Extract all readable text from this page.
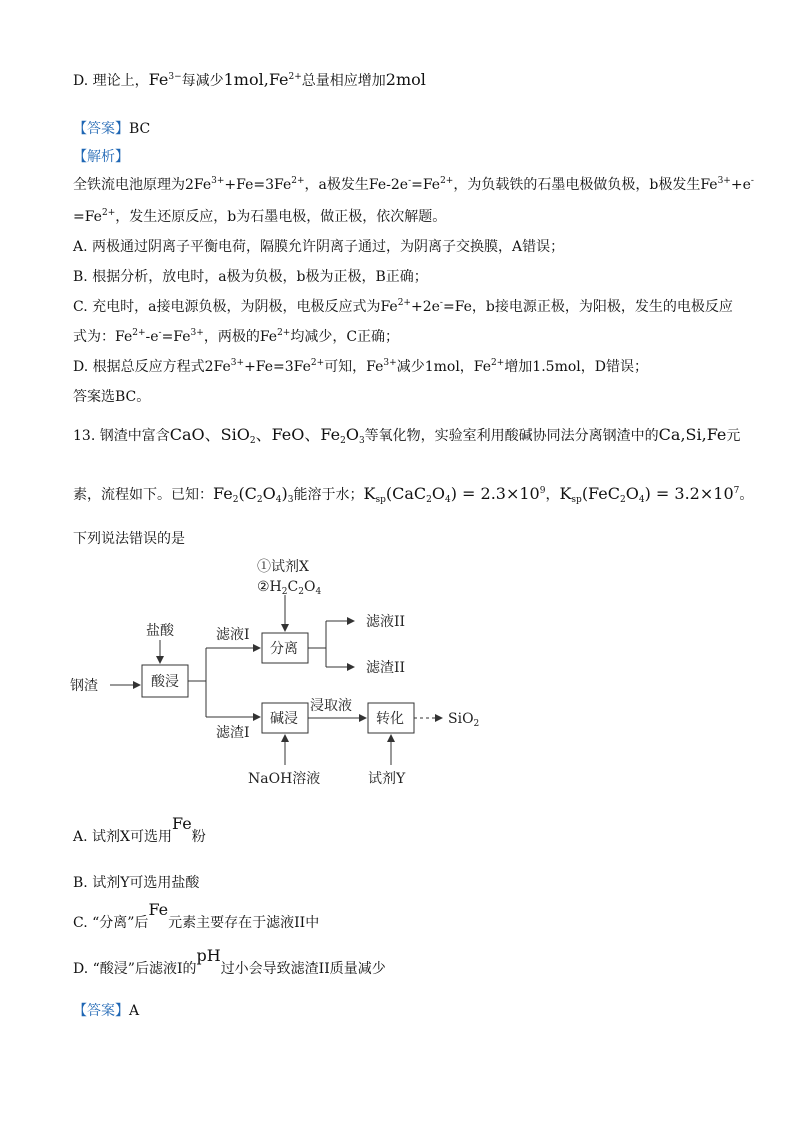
D. 理论上，$Fe^{3-}$每减少$1mol,Fe^{2+}$总量相应增加2mol
【答案】BC
【解析】
全铁流电池原理为$2Fe^{3+}+Fe=3Fe^{2+}$，a极发生$Fe-2e^-=Fe^{2+}$，为负载铁的石墨电极做负极，b极发生$Fe^{3+}+e^-$
$=Fe^{2+}$，发生还原反应，b为石墨电极，做正极，依次解题。
A. 两极通过阴离子平衡电荷，隔膜允许阴离子通过，为阴离子交换膜，A错误；
B. 根据分析，放电时，a极为负极，b极为正极，B正确；
C. 充电时，a接电源负极，为阴极，电极反应式为$Fe^{2+}+2e^-=Fe$，b接电源正极，为阳极，发生的电极反应
式为：$Fe^{2+}-e^-=Fe^{3+}$，两极的$Fe^{2+}$均减少，C正确；
D. 根据总反应方程式$2Fe^{3+}+Fe=3Fe^{2+}$可知，$Fe^{3+}$减少1mol，$Fe^{2+}$增加1.5mol，D错误；
答案选BC。
13. 钢渣中富含CaO、SiO$_2$、FeO、$Fe_2O_3$等氧化物，实验室利用酸碱协同法分离钢渣中的Ca,Si,Fe元
素，流程如下。已知：$Fe_2(C_2O_4)_3$能溶于水；$K_{sp}(CaC_2O_4) = 2.3\times 10^9$，$K_{sp}(FeC_2O_4) = 3.2\times 10^7$。
下列说法错误的是
①试剂X
$②H_2C_2O_4$
盐酸	滤液I
分离
滤液II
滤渣II
钢渣	酸浸
碱浸
浸取液
转化	SiO$_2$
滤渣I
NaOH溶液	试剂Y
A. 试剂X可选用Fe粉
B. 试剂Y可选用盐酸
C. “分离”后Fe元素主要存在于滤液II中
D. “酸浸”后滤液I的pH过小会导致滤渣II质量减少
【答案】A
